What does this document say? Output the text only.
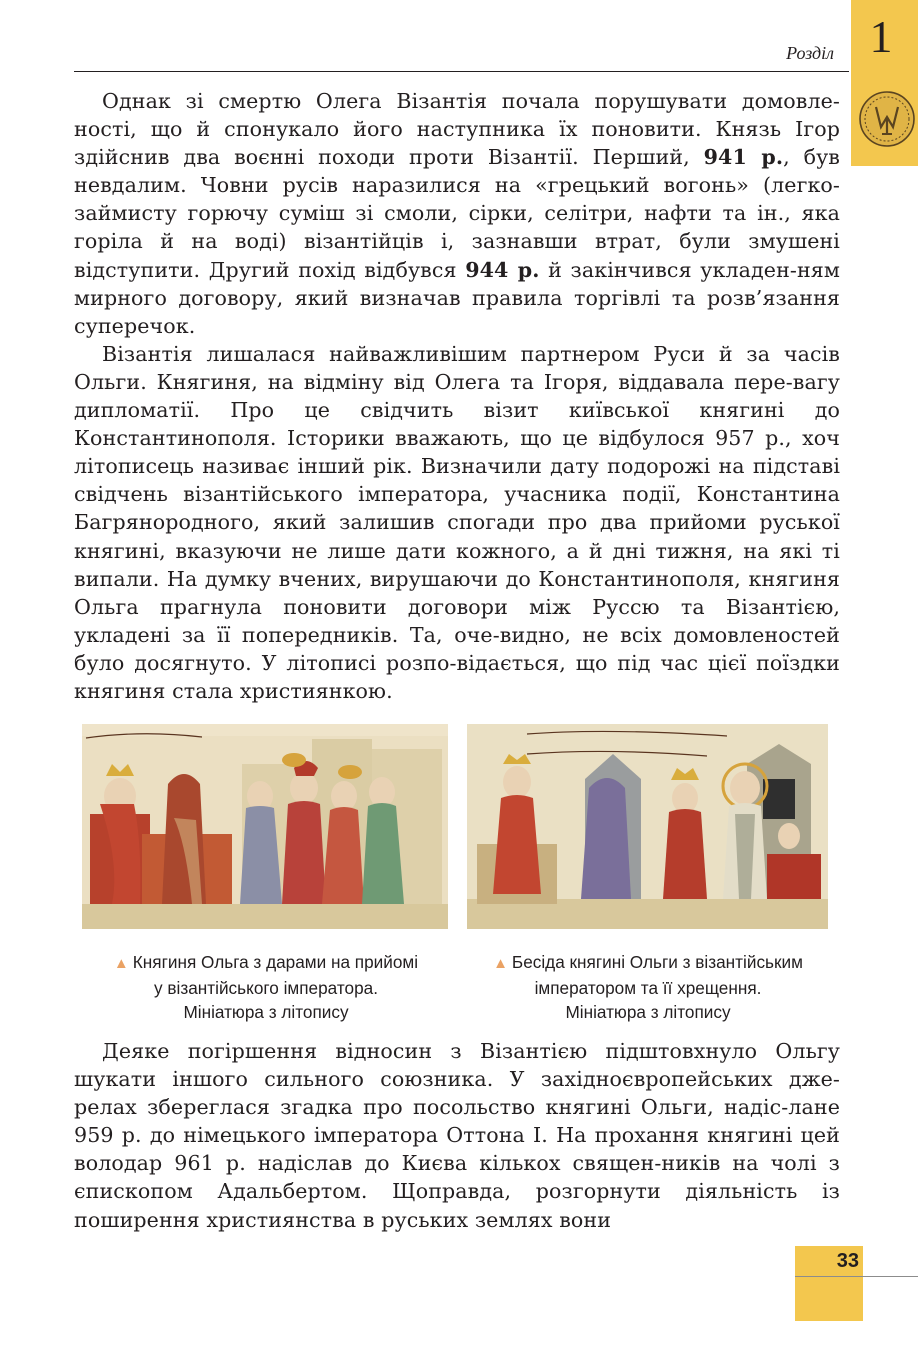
1
Розділ

Однак зі смертю Олега Візантія почала порушувати домовле-ності, що й спонукало його наступника їх поновити. Князь Ігор здійснив два воєнні походи проти Візантії. Перший, 941 р., був невдалим. Човни русів наразилися на «грецький вогонь» (легко-займисту горючу суміш зі смоли, сірки, селітри, нафти та ін., яка горіла й на воді) візантійців і, зазнавши втрат, були змушені відступити. Другий похід відбувся 944 р. й закінчився укладен-ням мирного договору, який визначав правила торгівлі та розв’язання суперечок.

Візантія лишалася найважливішим партнером Руси й за часів Ольги. Княгиня, на відміну від Олега та Ігоря, віддавала пере-вагу дипломатії. Про це свідчить візит київської княгині до Константинополя. Історики вважають, що це відбулося 957 р., хоч літописець називає інший рік. Визначили дату подорожі на підставі свідчень візантійського імператора, учасника події, Константина Багрянородного, який залишив спогади про два прийоми руської княгині, вказуючи не лише дати кожного, а й дні тижня, на які ті випали. На думку вчених, вирушаючи до Константинополя, княгиня Ольга прагнула поновити договори між Руссю та Візантією, укладені за її попередників. Та, оче-видно, не всіх домовленостей було досягнуто. У літописі розпо-відається, що під час цієї поїздки княгиня стала християнкою.

▲ Княгиня Ольга з дарами на прийомі
у візантійського імператора.
Мініатюра з літопису
▲ Бесіда княгині Ольги з візантійським
імператором та її хрещення.
Мініатюра з літопису

Деяке погіршення відносин з Візантією підштовхнуло Ольгу шукати іншого сильного союзника. У західноєвропейських дже-релах збереглася згадка про посольство княгині Ольги, надіс-лане 959 р. до німецького імператора Оттона І. На прохання княгині цей володар 961 р. надіслав до Києва кількох священ-ників на чолі з єпископом Адальбертом. Щоправда, розгорнути діяльність із поширення християнства в руських землях вони

33
